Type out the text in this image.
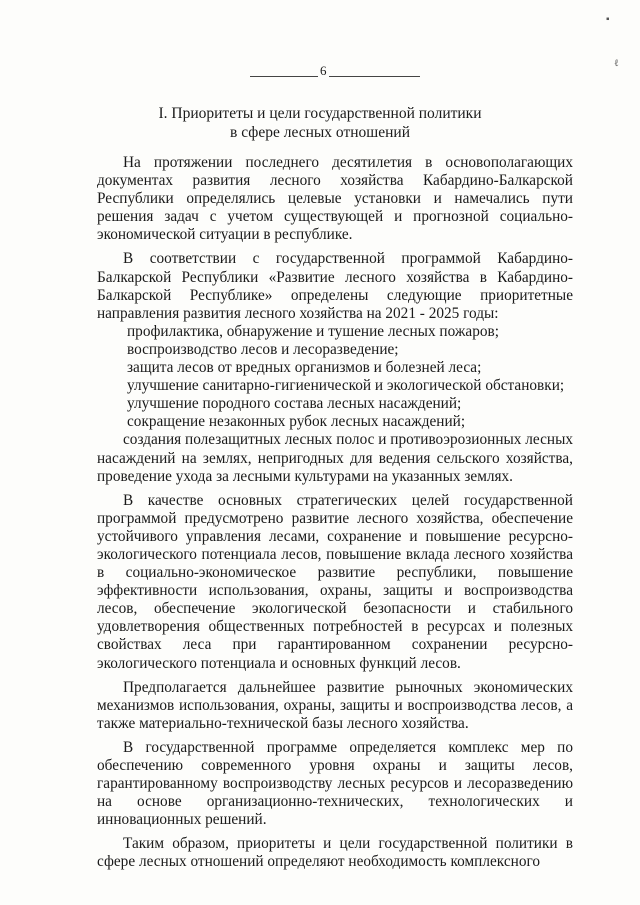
6
I. Приоритеты и цели государственной политики
в сфере лесных отношений

На протяжении последнего десятилетия в основополагающих документах развития лесного хозяйства Кабардино-Балкарской Республики определялись целевые установки и намечались пути решения задач с учетом существующей и прогнозной социально-экономической ситуации в республике.

В соответствии с государственной программой Кабардино-Балкарской Республики «Развитие лесного хозяйства в Кабардино-Балкарской Республике» определены следующие приоритетные направления развития лесного хозяйства на 2021 - 2025 годы:

профилактика, обнаружение и тушение лесных пожаров;

воспроизводство лесов и лесоразведение;

защита лесов от вредных организмов и болезней леса;

улучшение санитарно-гигиенической и экологической обстановки;

улучшение породного состава лесных насаждений;

сокращение незаконных рубок лесных насаждений;

создания полезащитных лесных полос и противоэрозионных лесных насаждений на землях, непригодных для ведения сельского хозяйства, проведение ухода за лесными культурами на указанных землях.

В качестве основных стратегических целей государственной программой предусмотрено развитие лесного хозяйства, обеспечение устойчивого управления лесами, сохранение и повышение ресурсно-экологического потенциала лесов, повышение вклада лесного хозяйства в социально-экономическое развитие республики, повышение эффективности использования, охраны, защиты и воспроизводства лесов, обеспечение экологической безопасности и стабильного удовлетворения общественных потребностей в ресурсах и полезных свойствах леса при гарантированном сохранении ресурсно-экологического потенциала и основных функций лесов.

Предполагается дальнейшее развитие рыночных экономических механизмов использования, охраны, защиты и воспроизводства лесов, а также материально-технической базы лесного хозяйства.

В государственной программе определяется комплекс мер по обеспечению современного уровня охраны и защиты лесов, гарантированному воспроизводству лесных ресурсов и лесоразведению на основе организационно-технических, технологических и инновационных решений.

Таким образом, приоритеты и цели государственной политики в сфере лесных отношений определяют необходимость комплексного

▪
ℓ
